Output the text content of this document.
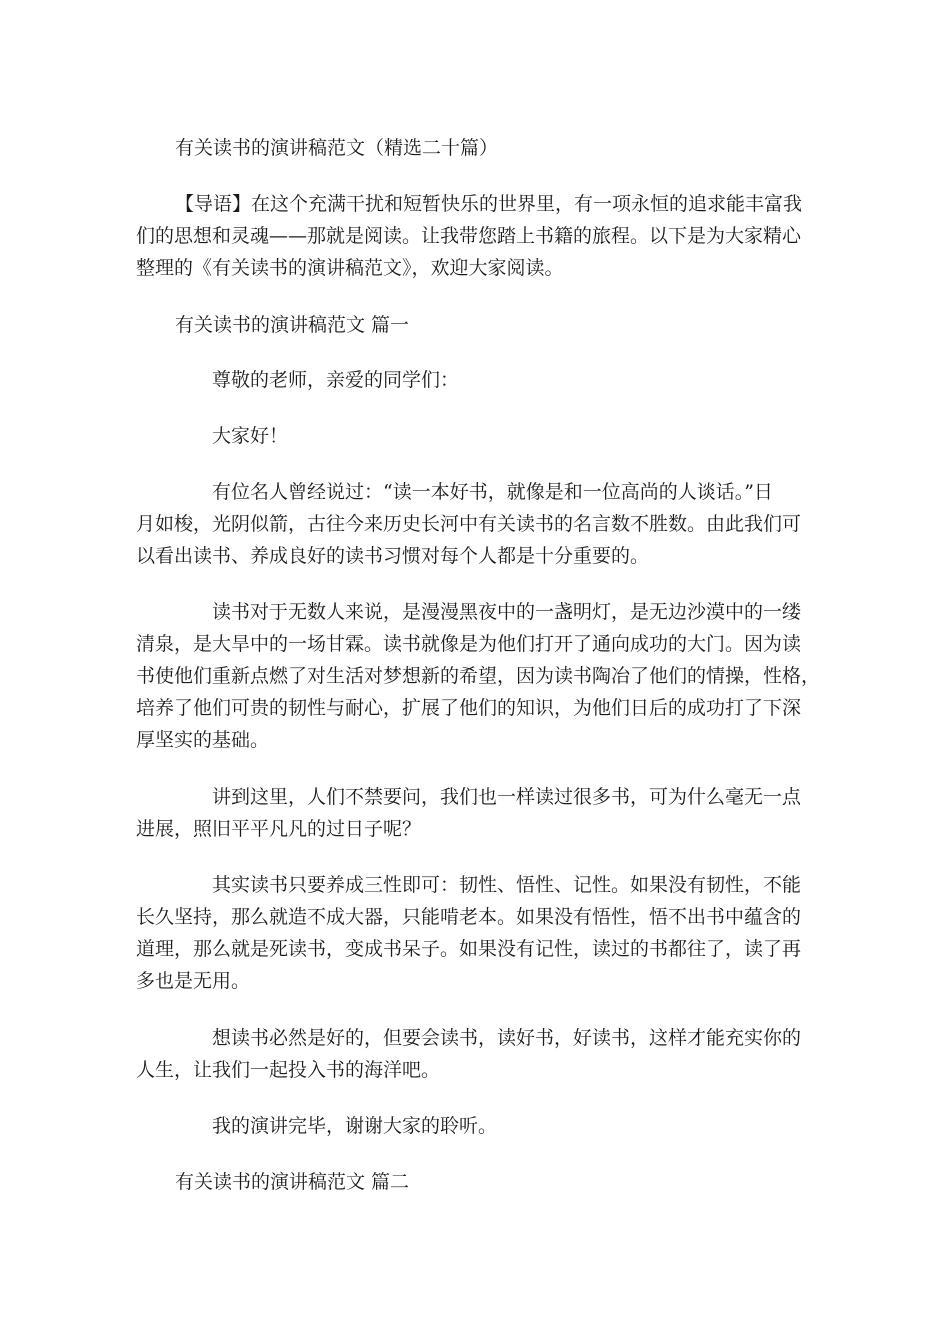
有关读书的演讲稿范文（精选二十篇）
【导语】在这个充满干扰和短暂快乐的世界里，有一项永恒的追求能丰富我
们的思想和灵魂——那就是阅读。让我带您踏上书籍的旅程。以下是为大家精心
整理的《有关读书的演讲稿范文》，欢迎大家阅读。
有关读书的演讲稿范文 篇一
尊敬的老师，亲爱的同学们：
大家好！
有位名人曾经说过：“读一本好书，就像是和一位高尚的人谈话。”日
月如梭，光阴似箭，古往今来历史长河中有关读书的名言数不胜数。由此我们可
以看出读书、养成良好的读书习惯对每个人都是十分重要的。
读书对于无数人来说，是漫漫黑夜中的一盏明灯，是无边沙漠中的一缕
清泉，是大旱中的一场甘霖。读书就像是为他们打开了通向成功的大门。因为读
书使他们重新点燃了对生活对梦想新的希望，因为读书陶冶了他们的情操，性格，
培养了他们可贵的韧性与耐心，扩展了他们的知识，为他们日后的成功打了下深
厚坚实的基础。
讲到这里，人们不禁要问，我们也一样读过很多书，可为什么毫无一点
进展，照旧平平凡凡的过日子呢？
其实读书只要养成三性即可：韧性、悟性、记性。如果没有韧性，不能
长久坚持，那么就造不成大器，只能啃老本。如果没有悟性，悟不出书中蕴含的
道理，那么就是死读书，变成书呆子。如果没有记性，读过的书都往了，读了再
多也是无用。
想读书必然是好的，但要会读书，读好书，好读书，这样才能充实你的
人生，让我们一起投入书的海洋吧。
我的演讲完毕，谢谢大家的聆听。
有关读书的演讲稿范文 篇二
